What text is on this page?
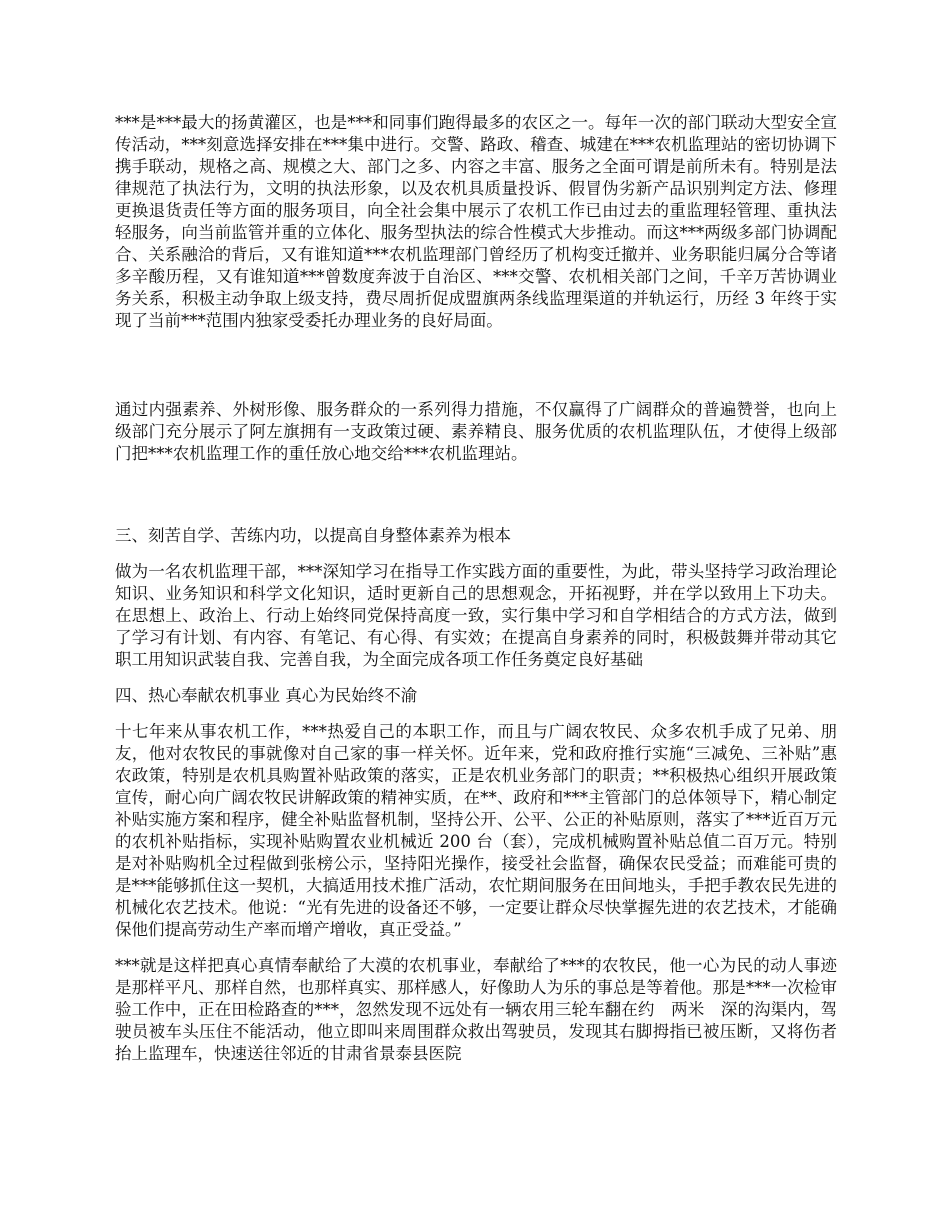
***是***最大的扬黄灌区，也是***和同事们跑得最多的农区之一。每年一次的部门联动大型安全宣传活动，***刻意选择安排在***集中进行。交警、路政、稽查、城建在***农机监理站的密切协调下携手联动，规格之高、规模之大、部门之多、内容之丰富、服务之全面可谓是前所未有。特别是法律规范了执法行为，文明的执法形象，以及农机具质量投诉、假冒伪劣新产品识别判定方法、修理更换退货责任等方面的服务项目，向全社会集中展示了农机工作已由过去的重监理轻管理、重执法轻服务，向当前监管并重的立体化、服务型执法的综合性模式大步推动。而这***两级多部门协调配合、关系融洽的背后，又有谁知道***农机监理部门曾经历了机构变迁撤并、业务职能归属分合等诸多辛酸历程，又有谁知道***曾数度奔波于自治区、***交警、农机相关部门之间，千辛万苦协调业务关系，积极主动争取上级支持，费尽周折促成盟旗两条线监理渠道的并轨运行，历经 3 年终于实现了当前***范围内独家受委托办理业务的良好局面。

通过内强素养、外树形像、服务群众的一系列得力措施，不仅赢得了广阔群众的普遍赞誉，也向上级部门充分展示了阿左旗拥有一支政策过硬、素养精良、服务优质的农机监理队伍，才使得上级部门把***农机监理工作的重任放心地交给***农机监理站。

三、刻苦自学、苦练内功，以提高自身整体素养为根本

做为一名农机监理干部，***深知学习在指导工作实践方面的重要性，为此，带头坚持学习政治理论知识、业务知识和科学文化知识，适时更新自己的思想观念，开拓视野，并在学以致用上下功夫。在思想上、政治上、行动上始终同党保持高度一致，实行集中学习和自学相结合的方式方法，做到了学习有计划、有内容、有笔记、有心得、有实效；在提高自身素养的同时，积极鼓舞并带动其它职工用知识武装自我、完善自我，为全面完成各项工作任务奠定良好基础

四、热心奉献农机事业 真心为民始终不渝

十七年来从事农机工作，***热爱自己的本职工作，而且与广阔农牧民、众多农机手成了兄弟、朋友，他对农牧民的事就像对自己家的事一样关怀。近年来，党和政府推行实施“三减免、三补贴”惠农政策，特别是农机具购置补贴政策的落实，正是农机业务部门的职责；**积极热心组织开展政策宣传，耐心向广阔农牧民讲解政策的精神实质，在**、政府和***主管部门的总体领导下，精心制定补贴实施方案和程序，健全补贴监督机制，坚持公开、公平、公正的补贴原则，落实了***近百万元的农机补贴指标，实现补贴购置农业机械近 200 台（套），完成机械购置补贴总值二百万元。特别是对补贴购机全过程做到张榜公示，坚持阳光操作，接受社会监督，确保农民受益；而难能可贵的是***能够抓住这一契机，大搞适用技术推广活动，农忙期间服务在田间地头，手把手教农民先进的机械化农艺技术。他说：“光有先进的设备还不够，一定要让群众尽快掌握先进的农艺技术，才能确保他们提高劳动生产率而增产增收，真正受益。”

***就是这样把真心真情奉献给了大漠的农机事业，奉献给了***的农牧民，他一心为民的动人事迹是那样平凡、那样自然，也那样真实、那样感人，好像助人为乐的事总是等着他。那是***一次检审验工作中，正在田检路查的***，忽然发现不远处有一辆农用三轮车翻在约　两米　深的沟渠内，驾驶员被车头压住不能活动，他立即叫来周围群众救出驾驶员，发现其右脚拇指已被压断，又将伤者抬上监理车，快速送往邻近的甘肃省景泰县医院
